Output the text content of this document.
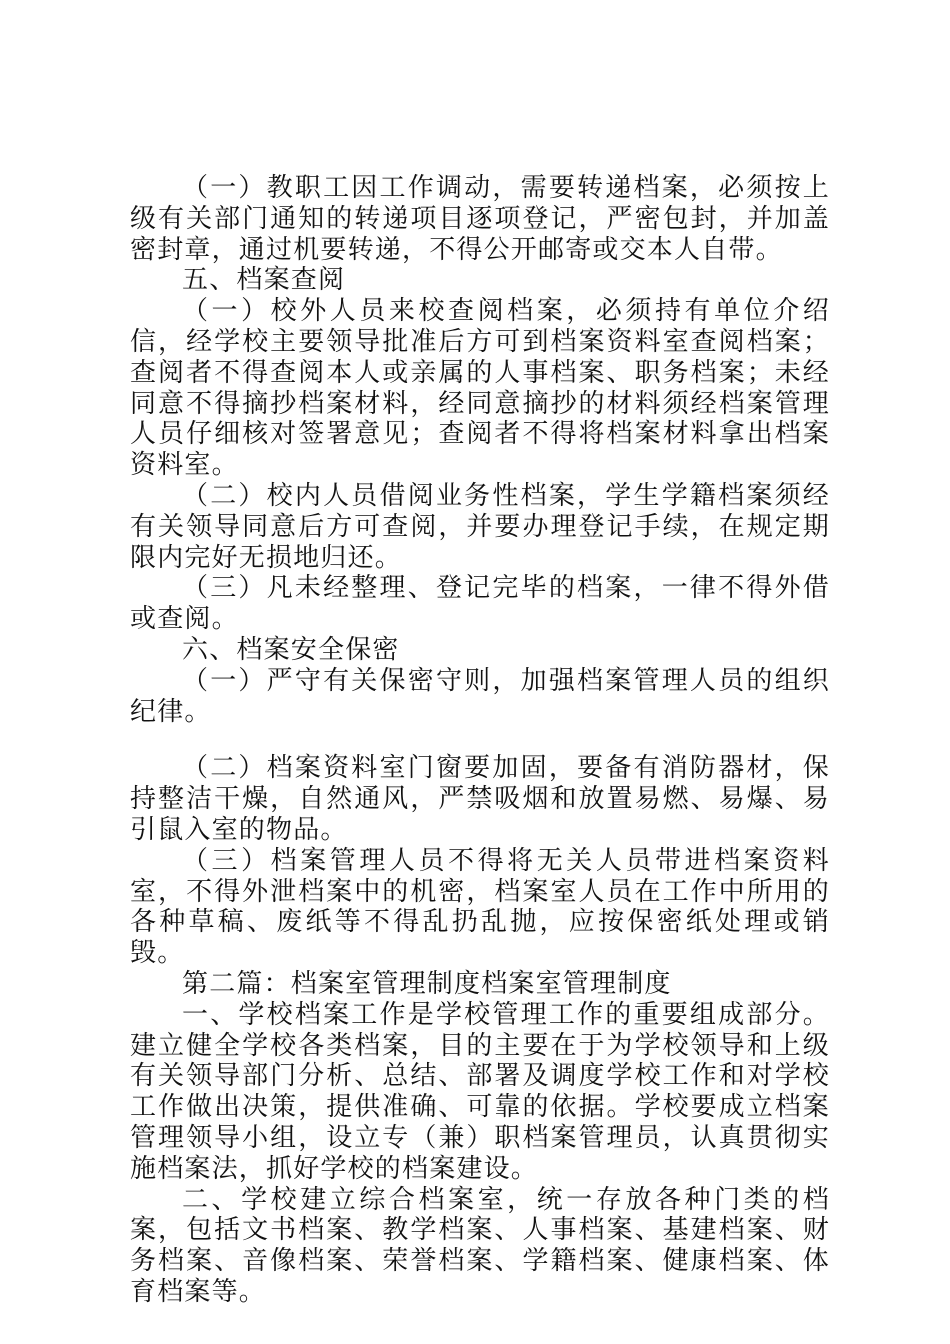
（一）教职工因工作调动，需要转递档案，必须按上级有关部门通知的转递项目逐项登记，严密包封，并加盖密封章，通过机要转递，不得公开邮寄或交本人自带。

五、档案查阅

（一）校外人员来校查阅档案，必须持有单位介绍信，经学校主要领导批准后方可到档案资料室查阅档案；查阅者不得查阅本人或亲属的人事档案、职务档案；未经同意不得摘抄档案材料，经同意摘抄的材料须经档案管理人员仔细核对签署意见；查阅者不得将档案材料拿出档案资料室。

（二）校内人员借阅业务性档案，学生学籍档案须经有关领导同意后方可查阅，并要办理登记手续，在规定期限内完好无损地归还。

（三）凡未经整理、登记完毕的档案，一律不得外借或查阅。

六、档案安全保密

（一）严守有关保密守则，加强档案管理人员的组织纪律。

（二）档案资料室门窗要加固，要备有消防器材，保持整洁干燥，自然通风，严禁吸烟和放置易燃、易爆、易引鼠入室的物品。

（三）档案管理人员不得将无关人员带进档案资料室，不得外泄档案中的机密，档案室人员在工作中所用的各种草稿、废纸等不得乱扔乱抛，应按保密纸处理或销毁。

第二篇：档案室管理制度档案室管理制度

一、学校档案工作是学校管理工作的重要组成部分。建立健全学校各类档案，目的主要在于为学校领导和上级有关领导部门分析、总结、部署及调度学校工作和对学校工作做出决策，提供准确、可靠的依据。学校要成立档案管理领导小组，设立专（兼）职档案管理员，认真贯彻实施档案法，抓好学校的档案建设。

二、学校建立综合档案室，统一存放各种门类的档案，包括文书档案、教学档案、人事档案、基建档案、财务档案、音像档案、荣誉档案、学籍档案、健康档案、体育档案等。
